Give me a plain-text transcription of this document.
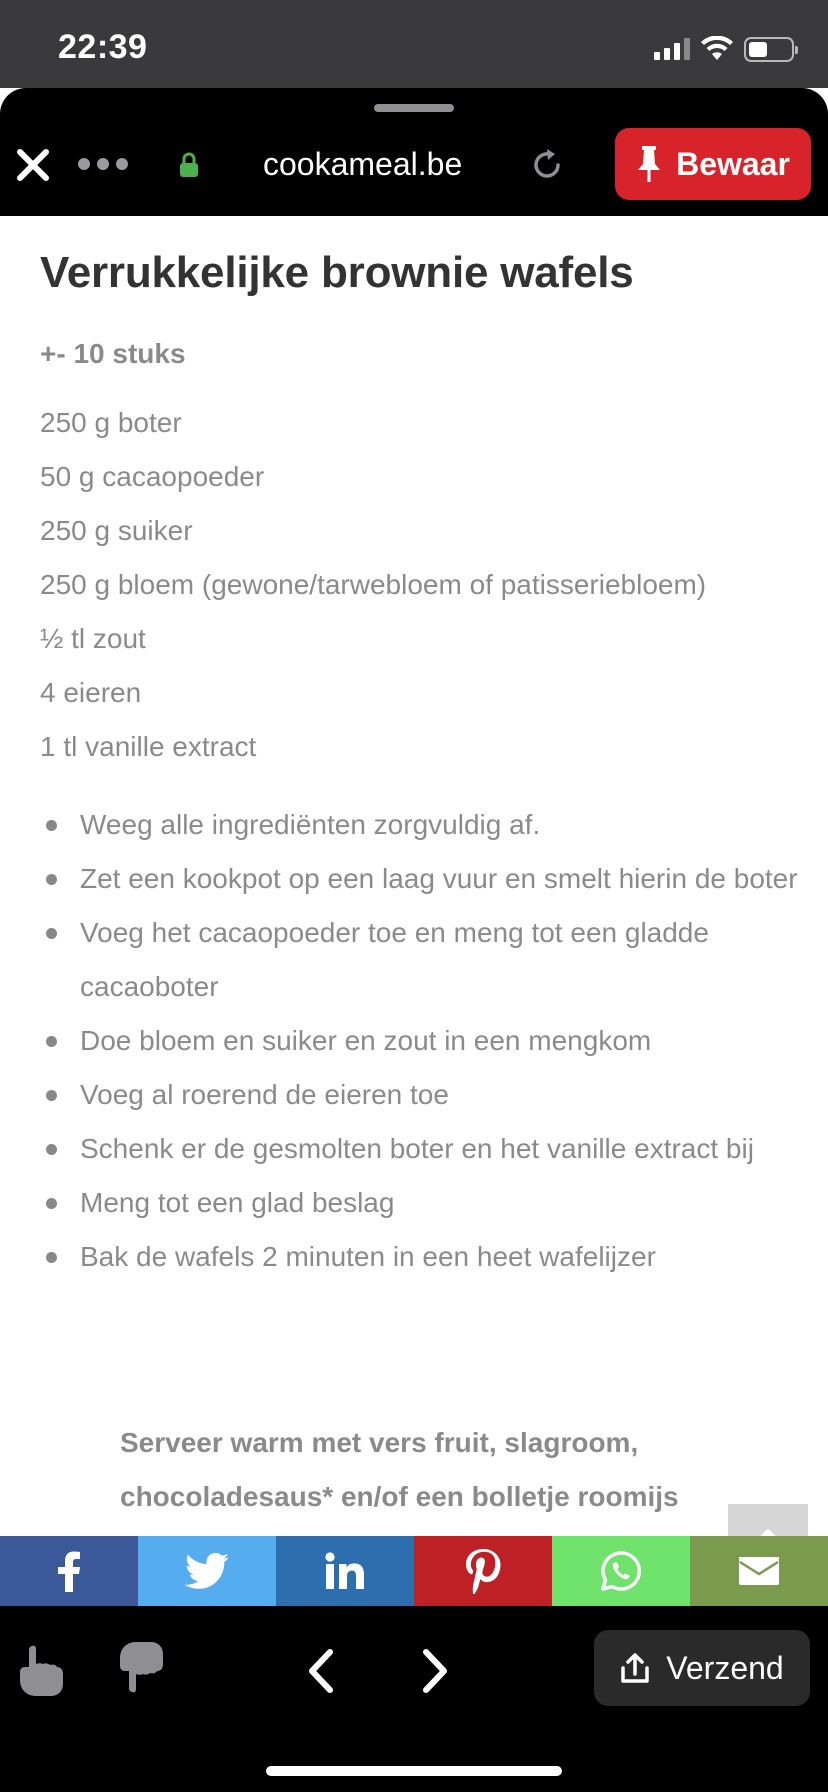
22:39
cookameal.be	Bewaar
Verrukkelijke brownie wafels
+- 10 stuks
250 g boter
50 g cacaopoeder
250 g suiker
250 g bloem (gewone/tarwebloem of patisseriebloem)
½ tl zout
4 eieren
1 tl vanille extract
Weeg alle ingrediënten zorgvuldig af.
Zet een kookpot op een laag vuur en smelt hierin de boter
Voeg het cacaopoeder toe en meng tot een gladde cacaoboter
Doe bloem en suiker en zout in een mengkom
Voeg al roerend de eieren toe
Schenk er de gesmolten boter en het vanille extract bij
Meng tot een glad beslag
Bak de wafels 2 minuten in een heet wafelijzer
Serveer warm met vers fruit, slagroom, chocoladesaus* en/of een bolletje roomijs
Verzend
